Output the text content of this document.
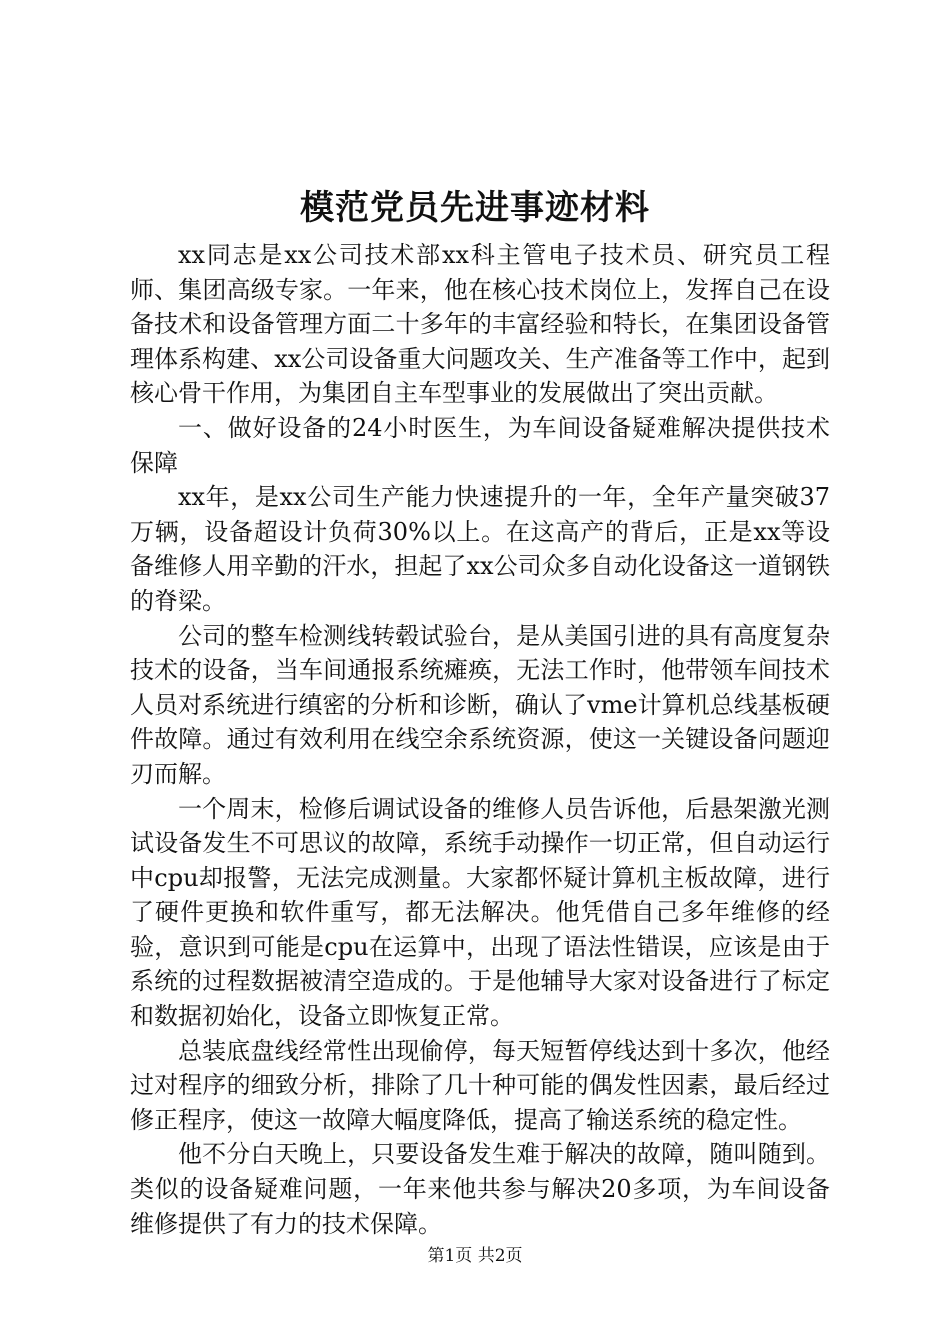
模范党员先进事迹材料

xx同志是xx公司技术部xx科主管电子技术员、研究员工程师、集团高级专家。一年来，他在核心技术岗位上，发挥自己在设备技术和设备管理方面二十多年的丰富经验和特长，在集团设备管理体系构建、xx公司设备重大问题攻关、生产准备等工作中，起到核心骨干作用，为集团自主车型事业的发展做出了突出贡献。

一、做好设备的24小时医生，为车间设备疑难解决提供技术保障

xx年，是xx公司生产能力快速提升的一年，全年产量突破37万辆，设备超设计负荷30%以上。在这高产的背后，正是xx等设备维修人用辛勤的汗水，担起了xx公司众多自动化设备这一道钢铁的脊梁。

公司的整车检测线转毂试验台，是从美国引进的具有高度复杂技术的设备，当车间通报系统瘫痪，无法工作时，他带领车间技术人员对系统进行缜密的分析和诊断，确认了vme计算机总线基板硬件故障。通过有效利用在线空余系统资源，使这一关键设备问题迎刃而解。

一个周末，检修后调试设备的维修人员告诉他，后悬架激光测试设备发生不可思议的故障，系统手动操作一切正常，但自动运行中cpu却报警，无法完成测量。大家都怀疑计算机主板故障，进行了硬件更换和软件重写，都无法解决。他凭借自己多年维修的经验，意识到可能是cpu在运算中，出现了语法性错误，应该是由于系统的过程数据被清空造成的。于是他辅导大家对设备进行了标定和数据初始化，设备立即恢复正常。

总装底盘线经常性出现偷停，每天短暂停线达到十多次，他经过对程序的细致分析，排除了几十种可能的偶发性因素，最后经过修正程序，使这一故障大幅度降低，提高了输送系统的稳定性。

他不分白天晚上，只要设备发生难于解决的故障，随叫随到。类似的设备疑难问题，一年来他共参与解决20多项，为车间设备维修提供了有力的技术保障。

第1页 共2页
